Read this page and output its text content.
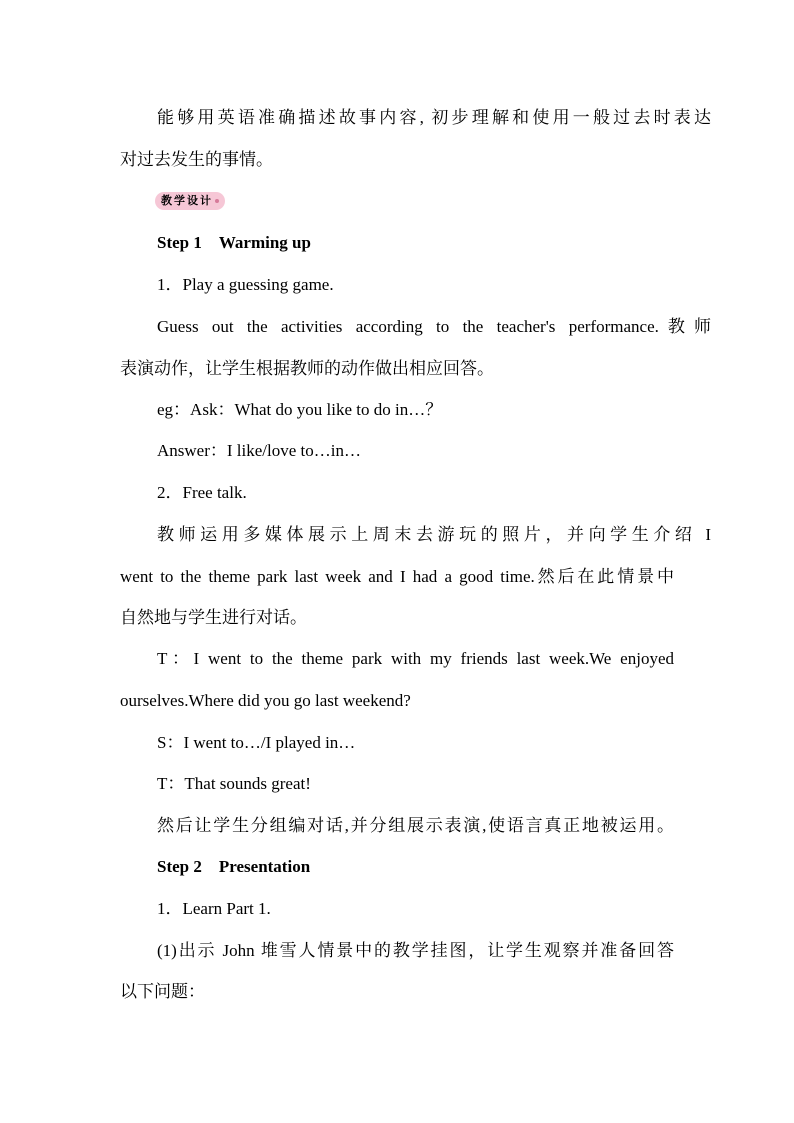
能够用英语准确描述故事内容, 初步理解和使用一般过去时表达
对过去发生的事情。
教学设计
Step 1　Warming up
1．Play a guessing game.
Guess out the activities according to the teacher's performance.教师
表演动作，让学生根据教师的动作做出相应回答。
eg：Ask：What do you like to do in…？
Answer：I like/love to…in…
2．Free talk.
教师运用多媒体展示上周末去游玩的照片，并向学生介绍 I
went to the theme park last week and I had a good time.然后在此情景中
自然地与学生进行对话。
T：I went to the theme park with my friends last week.We enjoyed
ourselves.Where did you go last weekend?
S：I went to…/I played in…
T：That sounds great!
然后让学生分组编对话,并分组展示表演,使语言真正地被运用。
Step 2　Presentation
1．Learn Part 1.
(1)出示 John 堆雪人情景中的教学挂图，让学生观察并准备回答
以下问题：
